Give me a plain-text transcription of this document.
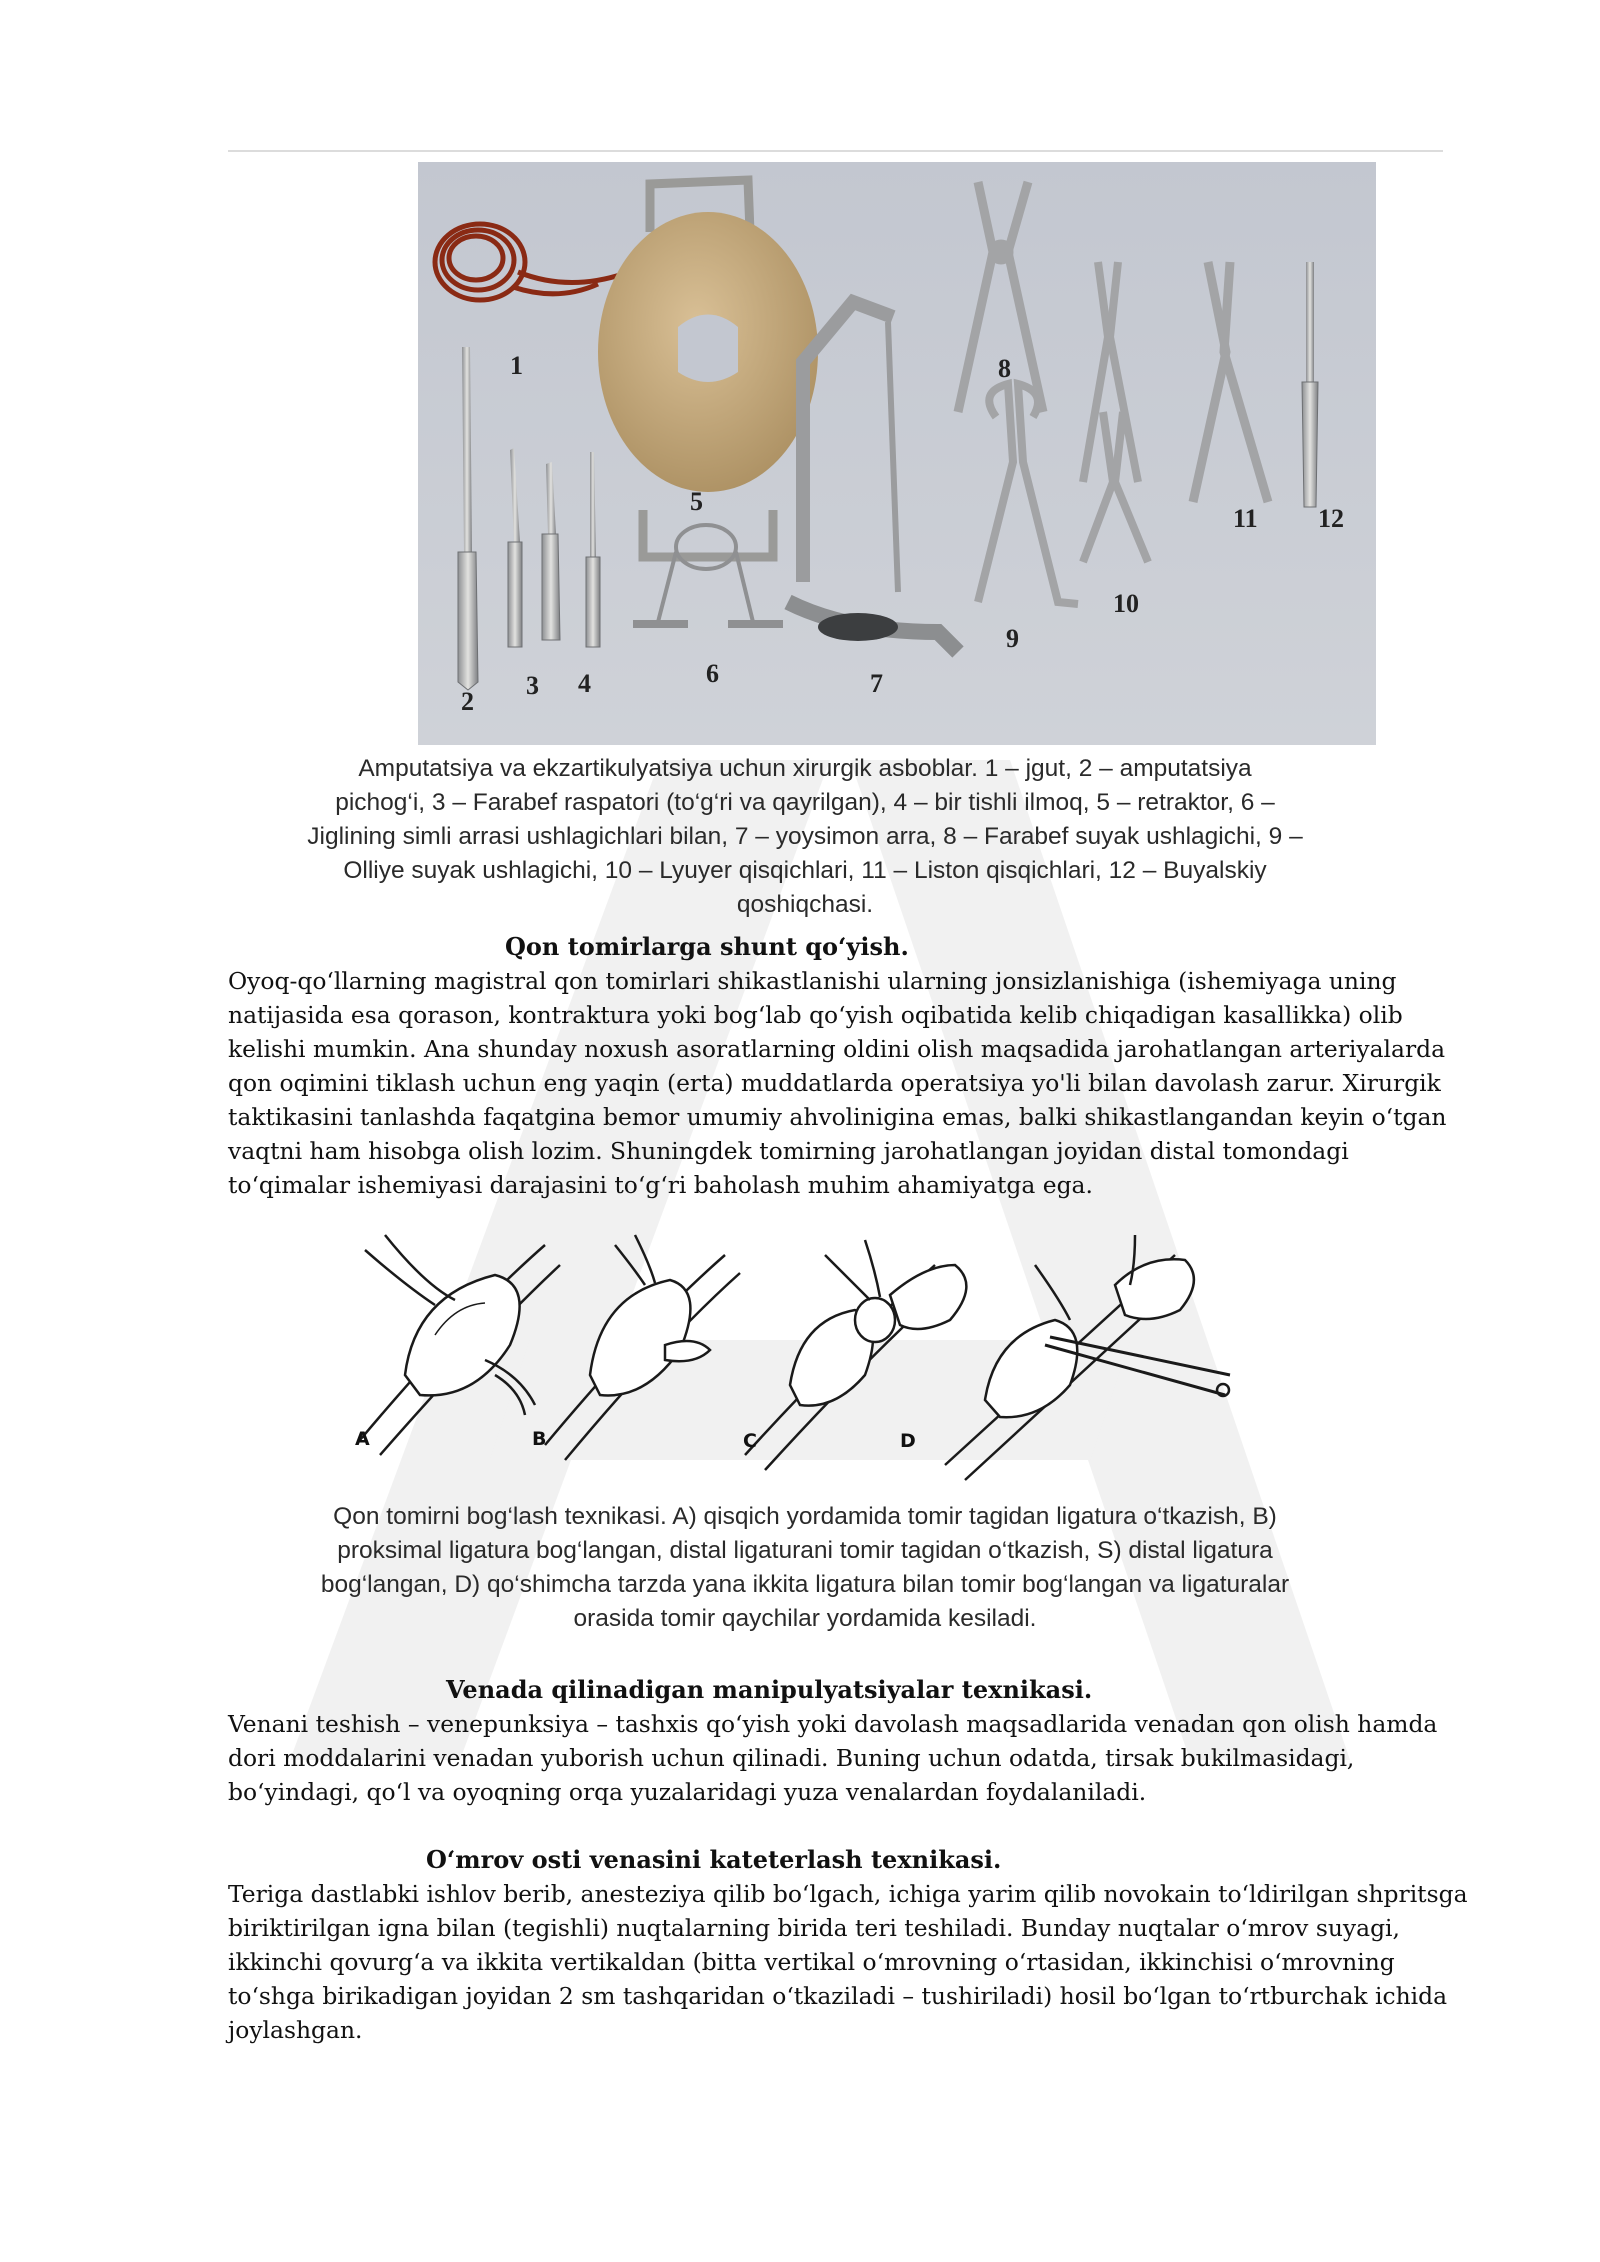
1
2
3 4
5
6	7
8
9
10
11 12
Amputatsiya va ekzartikulyatsiya uchun xirurgik asboblar. 1 – jgut, 2 – amputatsiya
pichog‘i, 3 – Farabef raspatori (to‘g‘ri va qayrilgan), 4 – bir tishli ilmoq, 5 – retraktor, 6 –
Jiglining simli arrasi ushlagichlari bilan, 7 – yoysimon arra, 8 – Farabef suyak ushlagichi, 9 –
Olliye suyak ushlagichi, 10 – Lyuyer qisqichlari, 11 – Liston qisqichlari, 12 – Buyalskiy
qoshiqchasi.
Qon tomirlarga shunt qo‘yish.
Oyoq-qo‘llarning magistral qon tomirlari shikastlanishi ularning jonsizlanishiga (ishemiyaga uning
natijasida esa qorason, kontraktura yoki bog‘lab qo‘yish oqibatida kelib chiqadigan kasallikka) olib
kelishi mumkin. Ana shunday noxush asoratlarning oldini olish maqsadida jarohatlangan arteriyalarda
qon oqimini tiklash uchun eng yaqin (erta) muddatlarda operatsiya yo'li bilan davolash zarur. Xirurgik
taktikasini tanlashda faqatgina bemor umumiy ahvolinigina emas, balki shikastlangandan keyin o‘tgan
vaqtni ham hisobga olish lozim. Shuningdek tomirning jarohatlangan joyidan distal tomondagi
to‘qimalar ishemiyasi darajasini to‘g‘ri baholash muhim ahamiyatga ega.
A	B	C	D
Qon tomirni bog‘lash texnikasi. A) qisqich yordamida tomir tagidan ligatura o‘tkazish, B)
proksimal ligatura bog‘langan, distal ligaturani tomir tagidan o‘tkazish, S) distal ligatura
bog‘langan, D) qo‘shimcha tarzda yana ikkita ligatura bilan tomir bog‘langan va ligaturalar
orasida tomir qaychilar yordamida kesiladi.
Venada qilinadigan manipulyatsiyalar texnikasi.
Venani teshish – venepunksiya – tashxis qo‘yish yoki davolash maqsadlarida venadan qon olish hamda
dori moddalarini venadan yuborish uchun qilinadi. Buning uchun odatda, tirsak bukilmasidagi,
bo‘yindagi, qo‘l va oyoqning orqa yuzalaridagi yuza venalardan foydalaniladi.
O‘mrov osti venasini kateterlash texnikasi.
Teriga dastlabki ishlov berib, anesteziya qilib bo‘lgach, ichiga yarim qilib novokain to‘ldirilgan shpritsga
biriktirilgan igna bilan (tegishli) nuqtalarning birida teri teshiladi. Bunday nuqtalar o‘mrov suyagi,
ikkinchi qovurg‘a va ikkita vertikaldan (bitta vertikal o‘mrovning o‘rtasidan, ikkinchisi o‘mrovning
to‘shga birikadigan joyidan 2 sm tashqaridan o‘tkaziladi – tushiriladi) hosil bo‘lgan to‘rtburchak ichida
joylashgan.
